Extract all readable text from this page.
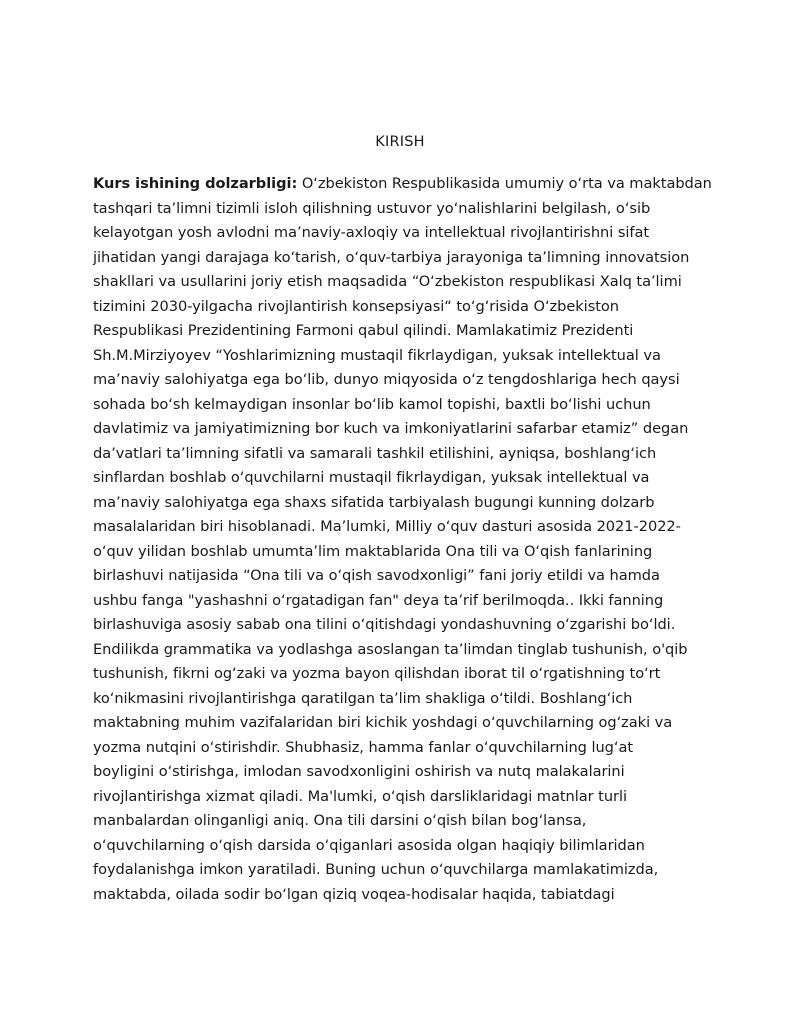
KIRISH
Kurs ishining dolzarbligi: O‘zbekiston Respublikasida umumiy o‘rta va maktabdan
tashqari ta’limni tizimli isloh qilishning ustuvor yo‘nalishlarini belgilash, o‘sib
kelayotgan yosh avlodni ma’naviy-axloqiy va intellektual rivojlantirishni sifat
jihatidan yangi darajaga ko‘tarish, o‘quv-tarbiya jarayoniga ta’limning innovatsion
shakllari va usullarini joriy etish maqsadida “O‘zbekiston respublikasi Xalq ta’limi
tizimini 2030-yilgacha rivojlantirish konsepsiyasi“ to‘g‘risida O‘zbekiston
Respublikasi Prezidentining Farmoni qabul qilindi. Mamlakatimiz Prezidenti
Sh.M.Mirziyoyev “Yoshlarimizning mustaqil fikrlaydigan, yuksak intellektual va
ma’naviy salohiyatga ega bo‘lib, dunyo miqyosida o‘z tengdoshlariga hech qaysi
sohada bo‘sh kelmaydigan insonlar bo‘lib kamol topishi, baxtli bo‘lishi uchun
davlatimiz va jamiyatimizning bor kuch va imkoniyatlarini safarbar etamiz” degan
da’vatlari ta’limning sifatli va samarali tashkil etilishini, ayniqsa, boshlang‘ich
sinflardan boshlab o‘quvchilarni mustaqil fikrlaydigan, yuksak intellektual va
ma’naviy salohiyatga ega shaxs sifatida tarbiyalash bugungi kunning dolzarb
masalalaridan biri hisoblanadi. Ma’lumki, Milliy o‘quv dasturi asosida 2021-2022-
o‘quv yilidan boshlab umumta’lim maktablarida Ona tili va O‘qish fanlarining
birlashuvi natijasida “Ona tili va o‘qish savodxonligi” fani joriy etildi va hamda
ushbu fanga "yashashni o‘rgatadigan fan" deya ta’rif berilmoqda.. Ikki fanning
birlashuviga asosiy sabab ona tilini o‘qitishdagi yondashuvning o‘zgarishi bo‘ldi.
Endilikda grammatika va yodlashga asoslangan ta’limdan tinglab tushunish, o'qib
tushunish, fikrni og‘zaki va yozma bayon qilishdan iborat til o‘rgatishning to‘rt
ko‘nikmasini rivojlantirishga qaratilgan ta’lim shakliga o‘tildi. Boshlang‘ich
maktabning muhim vazifalaridan biri kichik yoshdagi o‘quvchilarning og‘zaki va
yozma nutqini o‘stirishdir. Shubhasiz, hamma fanlar o‘quvchilarning lug‘at
boyligini o‘stirishga, imlodan savodxonligini oshirish va nutq malakalarini
rivojlantirishga xizmat qiladi. Ma'lumki, o‘qish darsliklaridagi matnlar turli
manbalardan olinganligi aniq. Ona tili darsini o‘qish bilan bog‘lansa,
o‘quvchilarning o‘qish darsida o‘qiganlari asosida olgan haqiqiy bilimlaridan
foydalanishga imkon yaratiladi. Buning uchun o‘quvchilarga mamlakatimizda,
maktabda, oilada sodir bo‘lgan qiziq voqea-hodisalar haqida, tabiatdagi
